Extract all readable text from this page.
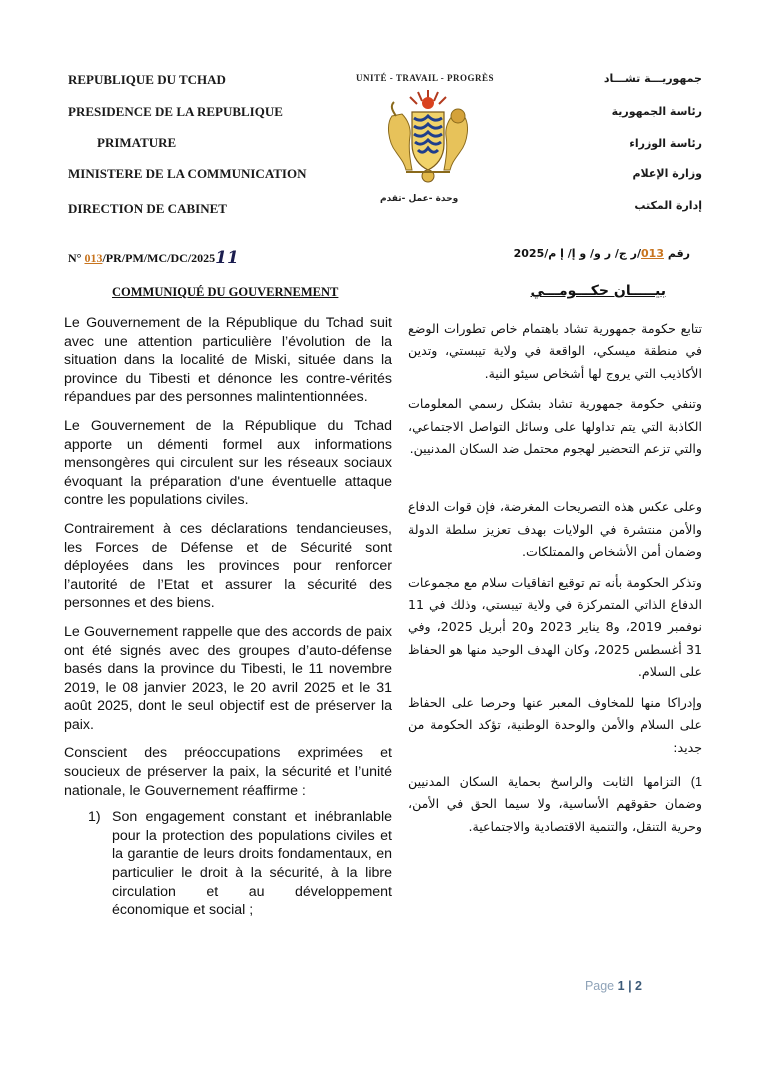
REPUBLIQUE DU TCHAD
PRESIDENCE DE LA REPUBLIQUE
PRIMATURE
MINISTERE DE LA COMMUNICATION
DIRECTION DE CABINET
UNITÉ - TRAVAIL - PROGRÈS
وحدة -عمل -تقدم
جمهوريـــة تشـــاد
رئاسة الجمهورية
رئاسة الوزراء
وزارة الإعلام
إدارة المكتب
N° 013/PR/PM/MC/DC/202511	رقم 013/ر ج/ ر و/ و إ/ إ م/2025
COMMUNIQUÉ DU GOUVERNEMENT	بيـــــان حكـــومـــي

Le Gouvernement de la République du Tchad suit avec une attention particulière l’évolution de la situation dans la localité de Miski, située dans la province du Tibesti et dénonce les contre-vérités répandues par des personnes malintentionnées.

Le Gouvernement de la République du Tchad apporte un démenti formel aux informations mensongères qui circulent sur les réseaux sociaux évoquant la préparation d'une éventuelle attaque contre les populations civiles.

Contrairement à ces déclarations tendancieuses, les Forces de Défense et de Sécurité sont déployées dans les provinces pour renforcer l’autorité de l’Etat et assurer la sécurité des personnes et des biens.

Le Gouvernement rappelle que des accords de paix ont été signés avec des groupes d’auto-défense basés dans la province du Tibesti, le 11 novembre 2019, le 08 janvier 2023, le 20 avril 2025 et le 31 août 2025, dont le seul objectif est de préserver la paix.

Conscient des préoccupations exprimées et soucieux de préserver la paix, la sécurité et l’unité nationale, le Gouvernement réaffirme :

1) Son engagement constant et inébranlable pour la protection des populations civiles et la garantie de leurs droits fondamentaux, en particulier le droit à la sécurité, à la libre circulation et au développement économique et social ;

تتابع حكومة جمهورية تشاد باهتمام خاص تطورات الوضع في منطقة ميسكي، الواقعة في ولاية تيبستي، وتدين الأكاذيب التي يروج لها أشخاص سيئو النية.

وتنفي حكومة جمهورية تشاد بشكل رسمي المعلومات الكاذبة التي يتم تداولها على وسائل التواصل الاجتماعي، والتي تزعم التحضير لهجوم محتمل ضد السكان المدنيين.

وعلى عكس هذه التصريحات المغرضة، فإن قوات الدفاع والأمن منتشرة في الولايات بهدف تعزيز سلطة الدولة وضمان أمن الأشخاص والممتلكات.

وتذكر الحكومة بأنه تم توقيع اتفاقيات سلام مع مجموعات الدفاع الذاتي المتمركزة في ولاية تيبستي، وذلك في 11 نوفمبر 2019، و8 يناير 2023 و20 أبريل 2025، وفي 31 أغسطس 2025، وكان الهدف الوحيد منها هو الحفاظ على السلام.

وإدراكا منها للمخاوف المعبر عنها وحرصا على الحفاظ على السلام والأمن والوحدة الوطنية، تؤكد الحكومة من جديد:

1) التزامها الثابت والراسخ بحماية السكان المدنيين وضمان حقوقهم الأساسية، ولا سيما الحق في الأمن، وحرية التنقل، والتنمية الاقتصادية والاجتماعية.

Page 1 | 2
